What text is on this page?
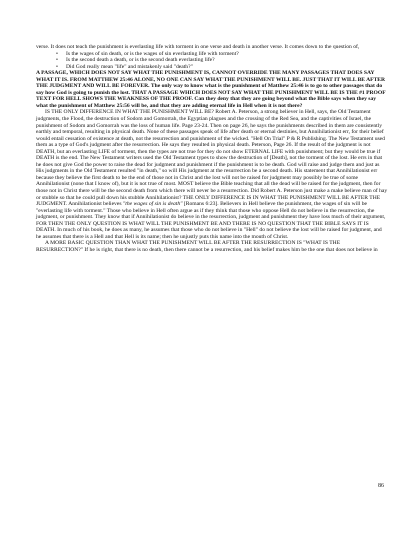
verse. It does not teach the punishment is everlasting life with torment in one verse and death in another verse. It comes down to the question of,

• Is the wages of sin death, or is the wages of sin everlasting life with torment?
• Is the second death a death, or is the second death everlasting life?
• Did God really mean "life" and mistakenly said "death?"

A PASSAGE, WHICH DOES NOT SAY WHAT THE PUNISHMENT IS, CANNOT OVERRIDE THE MANY PASSAGES THAT DOES SAY WHAT IT IS. FROM MATTHEW 25:46 ALONE, NO ONE CAN SAY WHAT THE PUNISHMENT WILL BE. JUST THAT IT WILL BE AFTER THE JUDGMENT AND WILL BE FOREVER. The only way to know what is the punishment of Matthew 25:46 is to go to other passages that do say how God is going to punish the lost. THAT A PASSAGE WHICH DOES NOT SAY WHAT THE PUNISHMENT WILL BE IS THE #1 PROOF TEXT FOR HELL SHOWS THE WEAKNESS OF THE PROOF. Can they deny that they are going beyond what the Bible says when they say what the punishment of Matthew 25:56 will be, and that they are adding eternal life in Hell when it is not there?

IS THE ONLY DIFFERENCE IN WHAT THE PUNISHMENT WILL BE? Robert A. Peterson, a strong believer in Hell, says, the Old Testament judgments, the Flood, the destruction of Sodom and Gomorrah, the Egyptian plagues and the crossing of the Red Sea, and the captivities of Israel, the punishment of Sodom and Gomorrah was the loss of human life. Page 23-24. Then on page 26, he says the punishments described in them are consistently earthly and temporal, resulting in physical death. None of these passages speak of life after death or eternal destinies, but Annihilationist err, for their belief would entail cessation of existence at death, not the resurrection and punishment of the wicked. "Hell On Trial" P & R Publishing. The New Testament used them as a type of God's judgment after the resurrection. He says they resulted in physical death. Peterson, Page 26. If the result of the judgment is not DEATH, but an everlasting LIFE of torment, then the types are not true for they do not show ETERNAL LIFE with punishment; but they would be true if DEATH is the end. The New Testament writers used the Old Testament types to show the destruction of [Death], not the torment of the lost. He errs in that he does not give God the power to raise the dead for judgment and punishment if the punishment is to be death. God will raise and judge them and just as His judgments in the Old Testament resulted "in death," so will His judgment at the resurrection be a second death. His statement that Annihilationist err because they believe the first death to be the end of those not in Christ and the lost will not be raised for judgment may possibly be true of some Annihilationist (none that I know of), but it is not true of most. MOST believe the Bible teaching that all the dead will be raised for the judgment, then for those not in Christ there will be the second death from which there will never be a resurrection. Did Robert A. Peterson just make a make believe man of hay or stubble so that he could pull down his stubble Annihilationist? THE ONLY DIFFERENCE IS IN WHAT THE PUNISHMENT WILL BE AFTER THE JUDGMENT. Annihilationist believes "the wages of sin is death" [Romans 6:23]. Believers in Hell believe the punishment, the wages of sin will be "everlasting life with torment." Those who believe in Hell often argue as if they think that those who oppose Hell do not believe in the resurrection, the judgment, or punishment. They know that if Annihilationist do believe in the resurrection, judgment and punishment they have loss much of their argument, FOR THEN THE ONLY QUESTION IS WHAT WILL THE PUNISHMENT BE AND THERE IS NO QUESTION THAT THE BIBLE SAYS IT IS DEATH. In much of his book, he does as many, he assumes that those who do not believe in "Hell" do not believe the lost will be raised for judgment, and he assumes that there is a Hell and that Hell is its name; then he unjustly puts this name into the mouth of Christ.

A MORE BASIC QUESTION THAN WHAT THE PUNISHMENT WILL BE AFTER THE RESURRECTION IS "WHAT IS THE RESURRECTION?" If he is right, that there is no death, then there cannot be a resurrection, and his belief makes him be the one that does not believe in

86
